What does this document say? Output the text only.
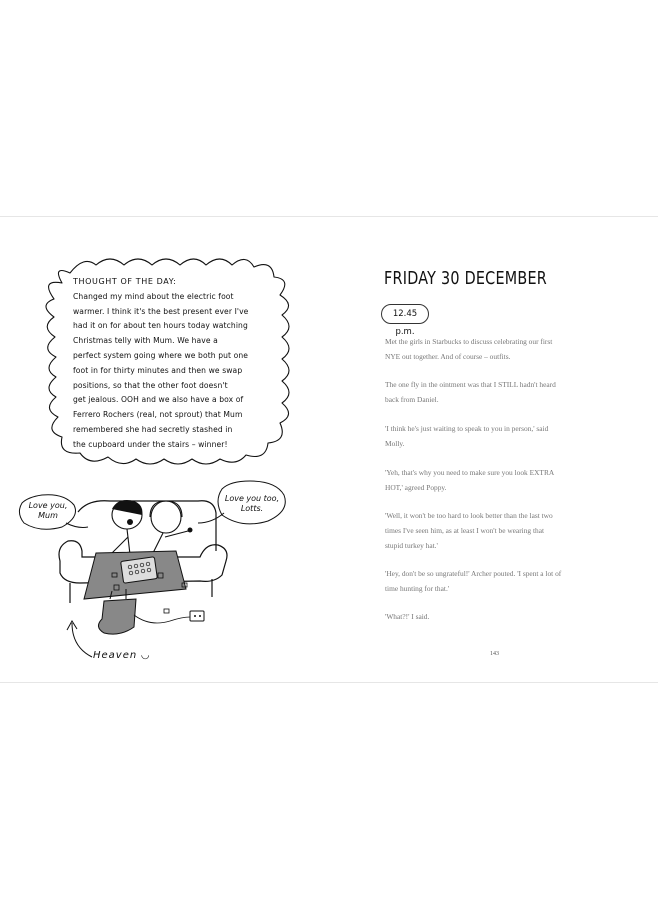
THOUGHT OF THE DAY:
Changed my mind about the electric foot
warmer. I think it's the best present ever I've
had it on for about ten hours today watching
Christmas telly with Mum. We have a
perfect system going where we both put one
foot in for thirty minutes and then we swap
positions, so that the other foot doesn't
get jealous. OOH and we also have a box of
Ferrero Rochers (real, not sprout) that Mum
remembered she had secretly stashed in
the cupboard under the stairs – winner!
Love you,
Mum
Love you too,
Lotts.
Heaven ◡
FRIDAY 30 DECEMBER
12.45 p.m.
Met the girls in Starbucks to discuss celebrating our first
NYE out together. And of course – outfits.
The one fly in the ointment was that I STILL hadn't heard
back from Daniel.
'I think he's just waiting to speak to you in person,' said
Molly.
'Yeh, that's why you need to make sure you look EXTRA
HOT,' agreed Poppy.
'Well, it won't be too hard to look better than the last two
times I've seen him, as at least I won't be wearing that
stupid turkey hat.'
'Hey, don't be so ungrateful!' Archer pouted. 'I spent a lot of
time hunting for that.'
'What?!' I said.
143
